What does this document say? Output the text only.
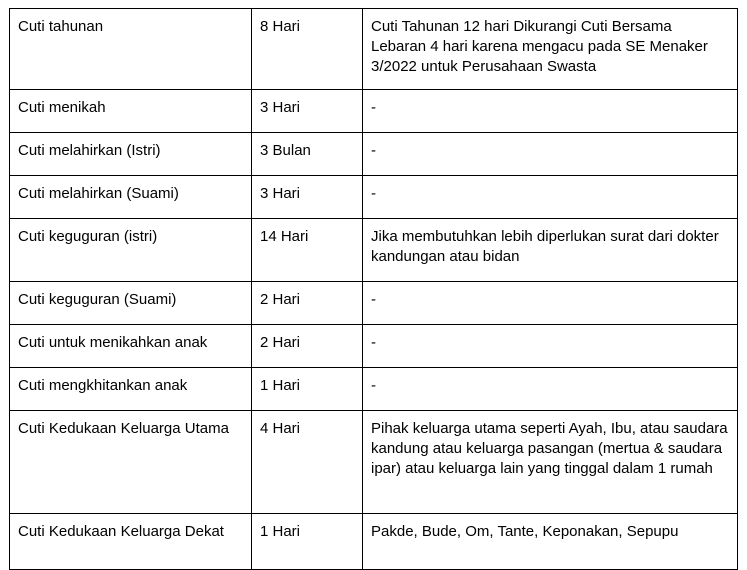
Cuti tahunan	8 Hari	Cuti Tahunan 12 hari Dikurangi Cuti Bersama Lebaran 4 hari karena mengacu pada SE Menaker 3/2022 untuk Perusahaan Swasta
Cuti menikah	3 Hari	-
Cuti melahirkan (Istri)	3 Bulan	-
Cuti melahirkan (Suami)	3 Hari	-
Cuti keguguran (istri)	14 Hari	Jika membutuhkan lebih diperlukan surat dari dokter kandungan atau bidan
Cuti keguguran (Suami)	2 Hari	-
Cuti untuk menikahkan anak	2 Hari	-
Cuti mengkhitankan anak	1 Hari	-
Cuti Kedukaan Keluarga Utama	4 Hari	Pihak keluarga utama seperti Ayah, Ibu, atau saudara kandung atau keluarga pasangan (mertua & saudara ipar) atau keluarga lain yang tinggal dalam 1 rumah
Cuti Kedukaan Keluarga Dekat	1 Hari	Pakde, Bude, Om, Tante, Keponakan, Sepupu
